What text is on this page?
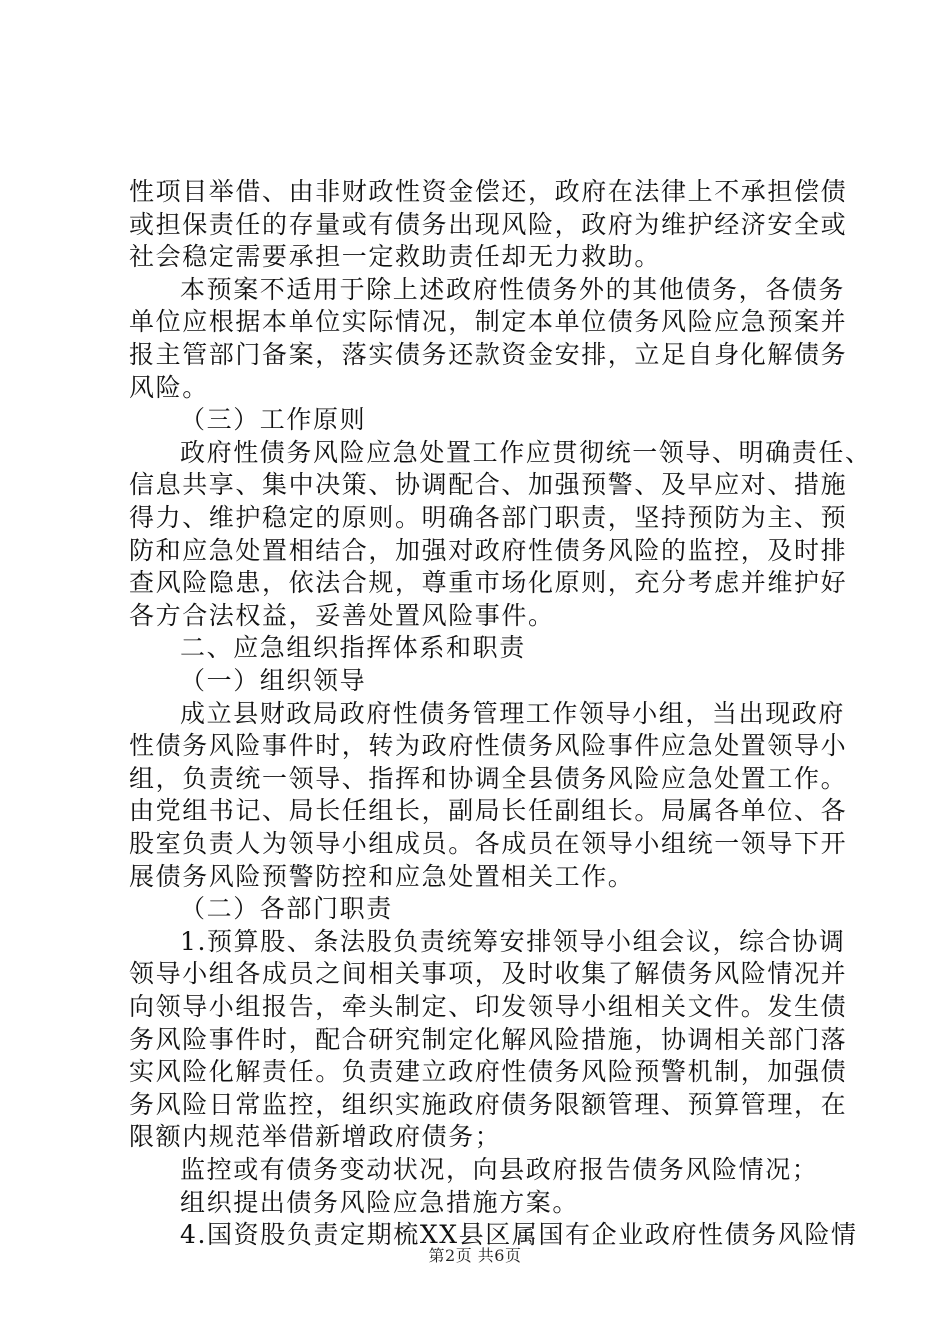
性项目举借、由非财政性资金偿还，政府在法律上不承担偿债
或担保责任的存量或有债务出现风险，政府为维护经济安全或
社会稳定需要承担一定救助责任却无力救助。
本预案不适用于除上述政府性债务外的其他债务，各债务
单位应根据本单位实际情况，制定本单位债务风险应急预案并
报主管部门备案，落实债务还款资金安排，立足自身化解债务
风险。
（三）工作原则
政府性债务风险应急处置工作应贯彻统一领导、明确责任、
信息共享、集中决策、协调配合、加强预警、及早应对、措施
得力、维护稳定的原则。明确各部门职责，坚持预防为主、预
防和应急处置相结合，加强对政府性债务风险的监控，及时排
查风险隐患，依法合规，尊重市场化原则，充分考虑并维护好
各方合法权益，妥善处置风险事件。
二、应急组织指挥体系和职责
（一）组织领导
成立县财政局政府性债务管理工作领导小组，当出现政府
性债务风险事件时，转为政府性债务风险事件应急处置领导小
组，负责统一领导、指挥和协调全县债务风险应急处置工作。
由党组书记、局长任组长，副局长任副组长。局属各单位、各
股室负责人为领导小组成员。各成员在领导小组统一领导下开
展债务风险预警防控和应急处置相关工作。
（二）各部门职责
1.预算股、条法股负责统筹安排领导小组会议，综合协调
领导小组各成员之间相关事项，及时收集了解债务风险情况并
向领导小组报告，牵头制定、印发领导小组相关文件。发生债
务风险事件时，配合研究制定化解风险措施，协调相关部门落
实风险化解责任。负责建立政府性债务风险预警机制，加强债
务风险日常监控，组织实施政府债务限额管理、预算管理，在
限额内规范举借新增政府债务；
监控或有债务变动状况，向县政府报告债务风险情况；
组织提出债务风险应急措施方案。
4.国资股负责定期梳XX县区属国有企业政府性债务风险情
第2页 共6页
